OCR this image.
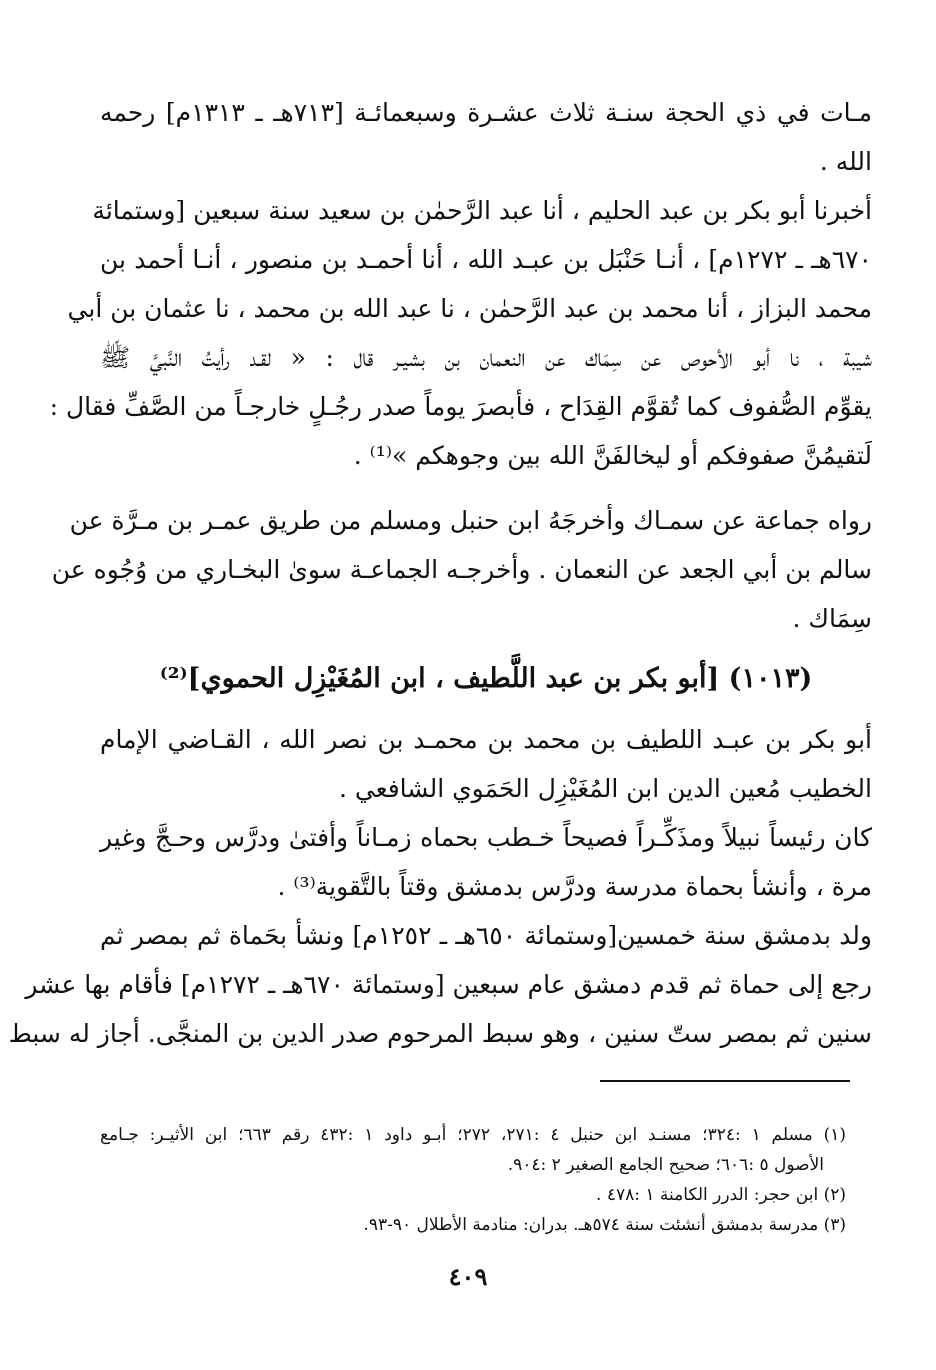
مـات في ذي الحجة سنـة ثلاث عشـرة وسبعمائـة [٧١٣هـ ـ ١٣١٣م] رحمه
الله .
أخبرنا أبو بكر بن عبد الحليم ، أنا عبد الرَّحمٰن بن سعيد سنة سبعين [وستمائة
٦٧٠هـ ـ ١٢٧٢م] ، أنـا حَنْبَل بن عبـد الله ، أنا أحمـد بن منصور ، أنـا أحمد بن
محمد البزاز ، أنا محمد بن عبد الرَّحمٰن ، نا عبد الله بن محمد ، نا عثمان بن أبي
شيبة ، نا أبو الأحوص عن سِمَاك عن النعمان بن بشيـر قال : « لقـد رأيتُ النَّبيَّ ﷺ
يقوِّم الصُّفوف كما تُقوَّم القِدَاح ، فأبصرَ يوماً صدر رجُـلٍ خارجـاً من الصَّفِّ فقال :
لَتقيمُنَّ صفوفكم أو ليخالفَنَّ الله بين وجوهكم »⁽¹⁾ .
رواه جماعة عن سمـاك وأخرجَهُ ابن حنبل ومسلم من طريق عمـر بن مـرَّة عن
سالم بن أبي الجعد عن النعمان . وأخرجـه الجماعـة سوىٰ البخـاري من وُجُوه عن
سِمَاك .
(١٠١٣) [أبو بكر بن عبد اللَّطيف ، ابن المُغَيْزِل الحموي]⁽²⁾
أبو بكر بن عبـد اللطيف بن محمد بن محمـد بن نصر الله ، القـاضي الإمام
الخطيب مُعين الدين ابن المُغَيْزِل الحَمَوي الشافعي .
كان رئيساً نبيلاً ومذَكِّـراً فصيحاً خـطب بحماه زمـاناً وأفتىٰ ودرَّس وحـجَّ وغير
مرة ، وأنشأ بحماة مدرسة ودرَّس بدمشق وقتاً بالتَّقوية⁽³⁾ .
ولد بدمشق سنة خمسين[وستمائة ٦٥٠هـ ـ ١٢٥٢م] ونشأ بحَماة ثم بمصر ثم
رجع إلى حماة ثم قدم دمشق عام سبعين [وستمائة ٦٧٠هـ ـ ١٢٧٢م] فأقام بها عشر
سنين ثم بمصر ستّ سنين ، وهو سبط المرحوم صدر الدين بن المنجَّى. أجاز له سبط
(١) مسلم ١ :٣٢٤؛ مسنـد ابن حنبل ٤ :٢٧١، ٢٧٢؛ أبـو داود ١ :٤٣٢ رقم ٦٦٣؛ ابن الأثيـر: جـامع
الأصول ٥ :٦٠٦؛ صحيح الجامع الصغير ٢ :٩٠٤.
(٢) ابن حجر: الدرر الكامنة ١ :٤٧٨ .
(٣) مدرسة بدمشق أنشئت سنة ٥٧٤هـ. بدران: منادمة الأطلال ٩٠-٩٣.
٤٠٩
